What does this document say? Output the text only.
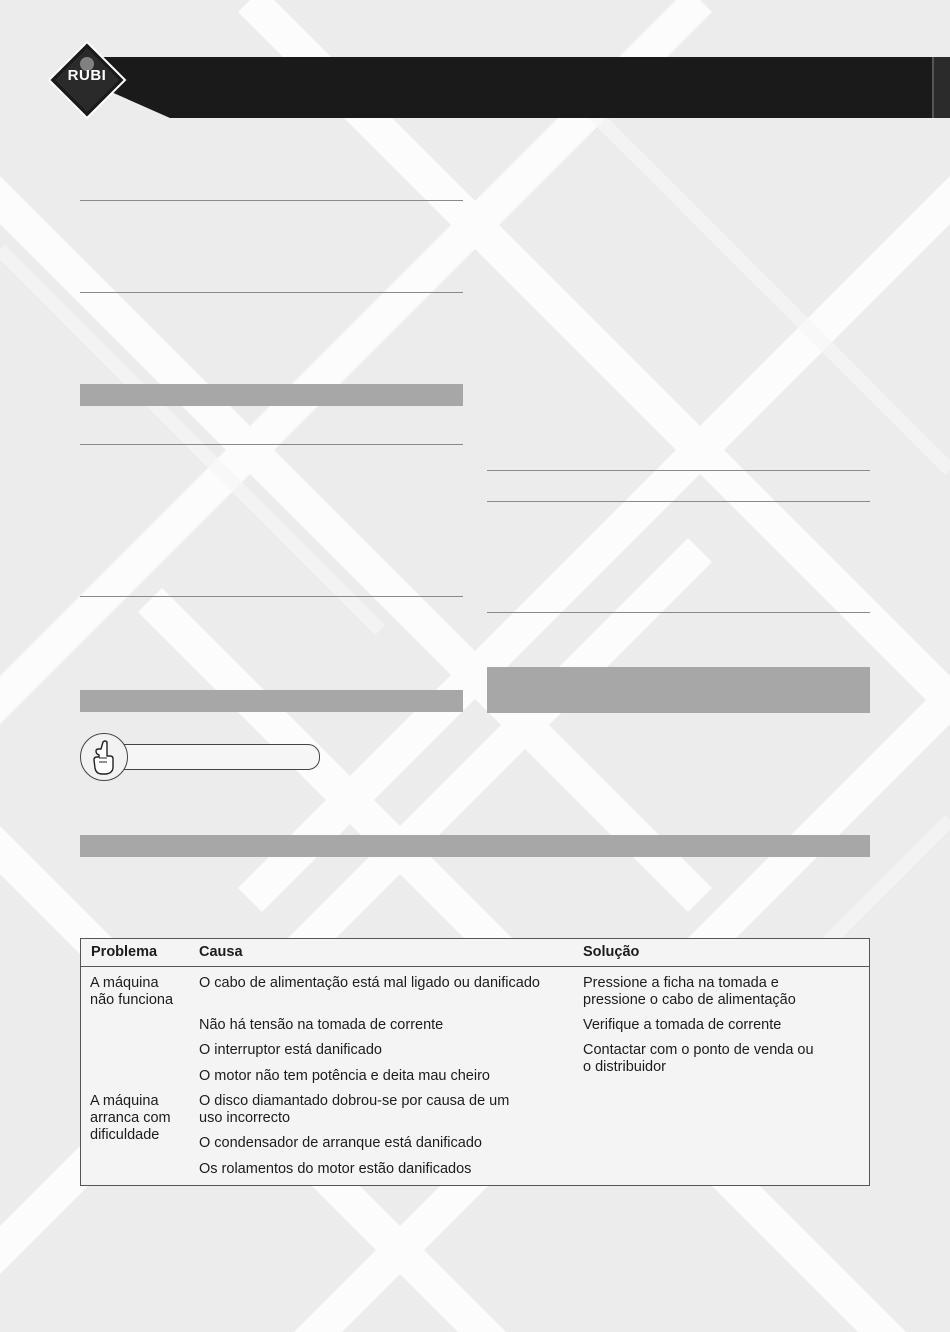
RUBI
Problema	Causa	Solução
A máquina
não funciona
A máquina
arranca com
dificuldade
O cabo de alimentação está mal ligado ou danificado
Não há tensão na tomada de corrente
O interruptor está danificado
O motor não tem potência e deita mau cheiro
O disco diamantado dobrou-se por causa de um
uso incorrecto
O condensador de arranque está danificado
Os rolamentos do motor estão danificados
Pressione a ficha na tomada e
pressione o cabo de alimentação
Verifique a tomada de corrente
Contactar com o ponto de venda ou
o distribuidor
